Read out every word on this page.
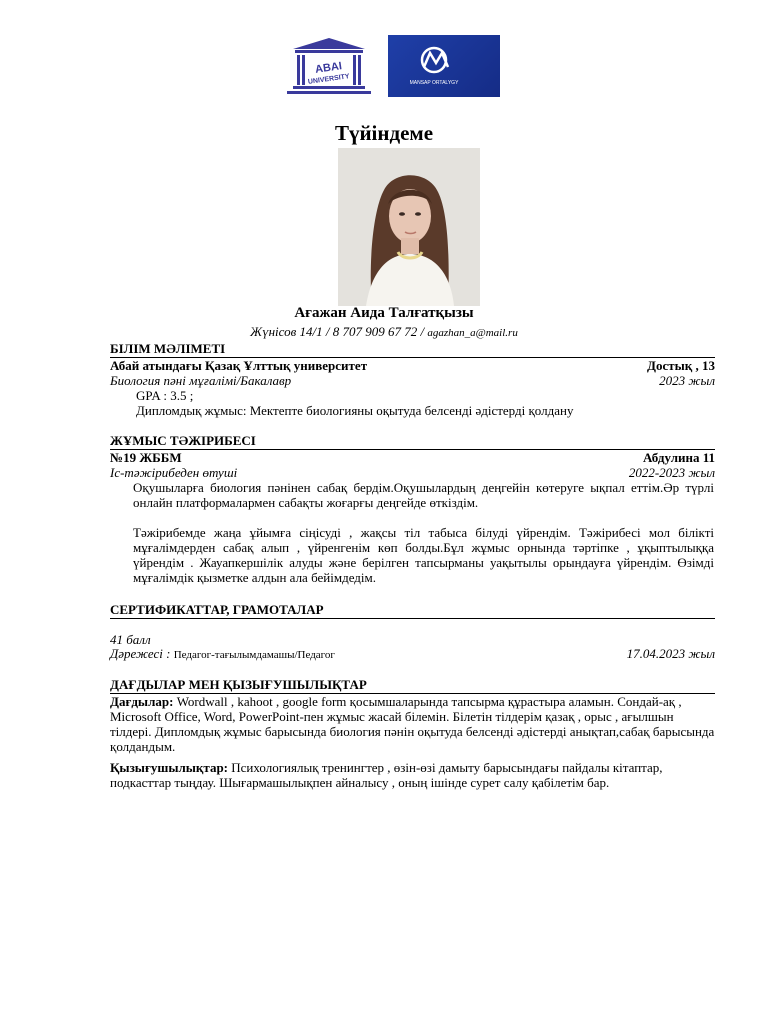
ABAI
UNIVERSITY	MANSAP ORTALYGY
Түйіндеме
Ағажан Аида Талғатқызы
Жүнісов 14/1 / 8 707 909 67 72 / agazhan_a@mail.ru
БІЛІМ МӘЛІМЕТІ
Абай атындағы Қазақ Ұлттық университет	Достық , 13
Биология пәні мұғалімі/Бакалавр	2023 жыл
GPA : 3.5 ;
Дипломдық жұмыс: Мектепте биологияны оқытуда белсенді әдістерді қолдану
ЖҰМЫС ТӘЖІРИБЕСІ
№19 ЖББМ	Абдулина 11
Іс-тәжірибеден өтуші	2022-2023 жыл
Оқушыларға биология пәнінен сабақ бердім.Оқушылардың деңгейін көтеруге ықпал еттім.Әр түрлі онлайн платформалармен сабақты жоғарғы деңгейде өткіздім.
Тәжірибемде жаңа ұйымға сіңісуді , жақсы тіл табыса білуді үйрендім. Тәжірибесі мол білікті мұғалімдерден сабақ алып , үйренгенім көп болды.Бұл жұмыс орнында тәртіпке , ұқыптылыққа үйрендім . Жауапкершілік алуды және берілген тапсырманы уақытылы орындауға үйрендім. Өзімді мұғалімдік қызметке алдын ала бейімдедім.
СЕРТИФИКАТТАР, ГРАМОТАЛАР
41 балл
Дәрежесі : Педагог-тағылымдамашы/Педагог	17.04.2023 жыл
ДАҒДЫЛАР МЕН ҚЫЗЫҒУШЫЛЫҚТАР
Дағдылар: Wordwall , kahoot , google form қосымшаларында тапсырма құрастыра аламын. Сондай-ақ , Microsoft Office, Word, PowerPoint-пен жұмыс жасай білемін. Білетін тілдерім қазақ , орыс , ағылшын тілдері. Дипломдық жұмыс барысында биология пәнін оқытуда белсенді әдістерді анықтап,сабақ барысында қолдандым.
Қызығушылықтар: Психологиялық тренингтер , өзін-өзі дамыту барысындағы пайдалы кітаптар, подкасттар тыңдау. Шығармашылықпен айналысу , оның ішінде сурет салу қабілетім бар.
